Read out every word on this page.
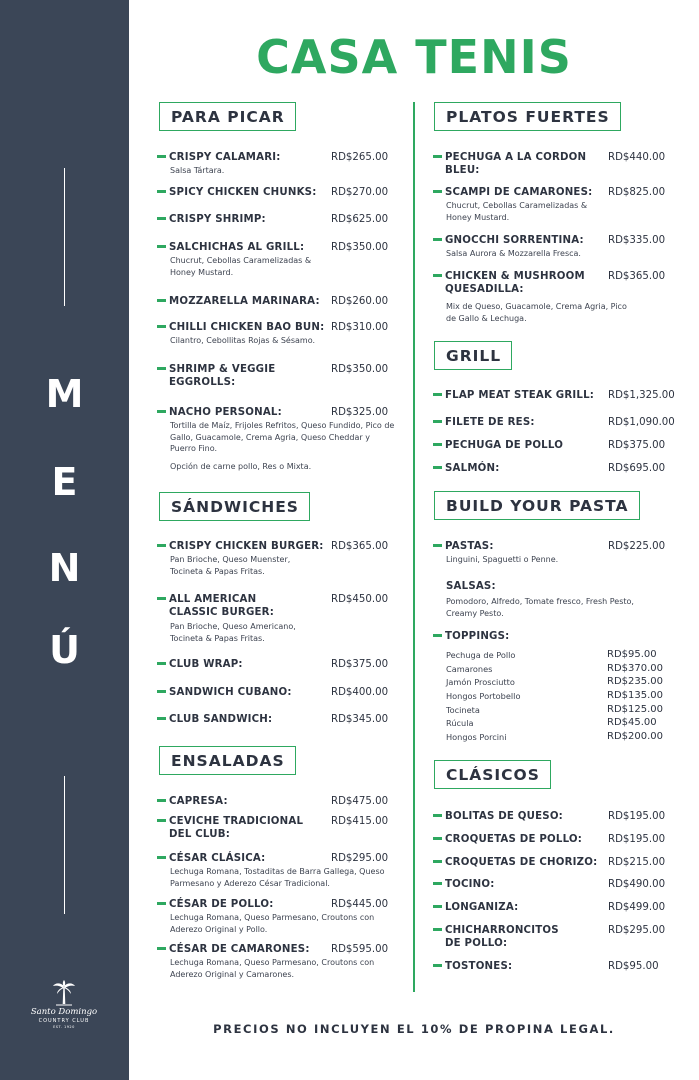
M
E
N
Ú
Santo Domingo
COUNTRY CLUB
EST. 1920
CASA TENIS
PARA PICAR
CRISPY CALAMARI:	RD$265.00
Salsa Tártara.
SPICY CHICKEN CHUNKS:	RD$270.00
CRISPY SHRIMP:	RD$625.00
SALCHICHAS AL GRILL:	RD$350.00
Chucrut, Cebollas Caramelizadas & Honey Mustard.
MOZZARELLA MARINARA:	RD$260.00
CHILLI CHICKEN BAO BUN: RD$310.00
Cilantro, Cebollitas Rojas & Sésamo.
SHRIMP & VEGGIE EGGROLLS:
RD$350.00
NACHO PERSONAL:	RD$325.00
Tortilla de Maíz, Frijoles Refritos, Queso Fundido, Pico de Gallo, Guacamole, Crema Agria, Queso Cheddar y Puerro Fino.
Opción de carne pollo, Res o Mixta.
SÁNDWICHES
CRISPY CHICKEN BURGER: RD$365.00
Pan Brioche, Queso Muenster, Tocineta & Papas Fritas.
ALL AMERICAN CLASSIC BURGER:
RD$450.00
Pan Brioche, Queso Americano, Tocineta & Papas Fritas.
CLUB WRAP:	RD$375.00
SANDWICH CUBANO:	RD$400.00
CLUB SANDWICH:	RD$345.00
ENSALADAS
CAPRESA:	RD$475.00
CEVICHE TRADICIONAL DEL CLUB:
RD$415.00
CÉSAR CLÁSICA:	RD$295.00
Lechuga Romana, Tostaditas de Barra Gallega, Queso Parmesano y Aderezo César Tradicional.
CÉSAR DE POLLO:	RD$445.00
Lechuga Romana, Queso Parmesano, Croutons con Aderezo Original y Pollo.
CÉSAR DE CAMARONES:	RD$595.00
Lechuga Romana, Queso Parmesano, Croutons con Aderezo Original y Camarones.
PLATOS FUERTES
PECHUGA A LA CORDON BLEU:
RD$440.00
SCAMPI DE CAMARONES:	RD$825.00
Chucrut, Cebollas Caramelizadas & Honey Mustard.
GNOCCHI SORRENTINA:	RD$335.00
Salsa Aurora & Mozzarella Fresca.
CHICKEN & MUSHROOM QUESADILLA:
RD$365.00
Mix de Queso, Guacamole, Crema Agria, Pico de Gallo & Lechuga.
GRILL
FLAP MEAT STEAK GRILL:	RD$1,325.00
FILETE DE RES:	RD$1,090.00
PECHUGA DE POLLO	RD$375.00
SALMÓN:	RD$695.00
BUILD YOUR PASTA
PASTAS:	RD$225.00
Linguini, Spaguetti o Penne.
SALSAS:
Pomodoro, Alfredo, Tomate fresco, Fresh Pesto, Creamy Pesto.
TOPPINGS:
Pechuga de Pollo	RD$95.00
Camarones	RD$370.00
Jamón Prosciutto	RD$235.00
Hongos Portobello	RD$135.00
Tocineta	RD$125.00
Rúcula	RD$45.00
Hongos Porcini	RD$200.00
CLÁSICOS
BOLITAS DE QUESO:	RD$195.00
CROQUETAS DE POLLO:	RD$195.00
CROQUETAS DE CHORIZO:	RD$215.00
TOCINO:	RD$490.00
LONGANIZA:	RD$499.00
CHICHARRONCITOS DE POLLO:
RD$295.00
TOSTONES:	RD$95.00
PRECIOS NO INCLUYEN EL 10% DE PROPINA LEGAL.
